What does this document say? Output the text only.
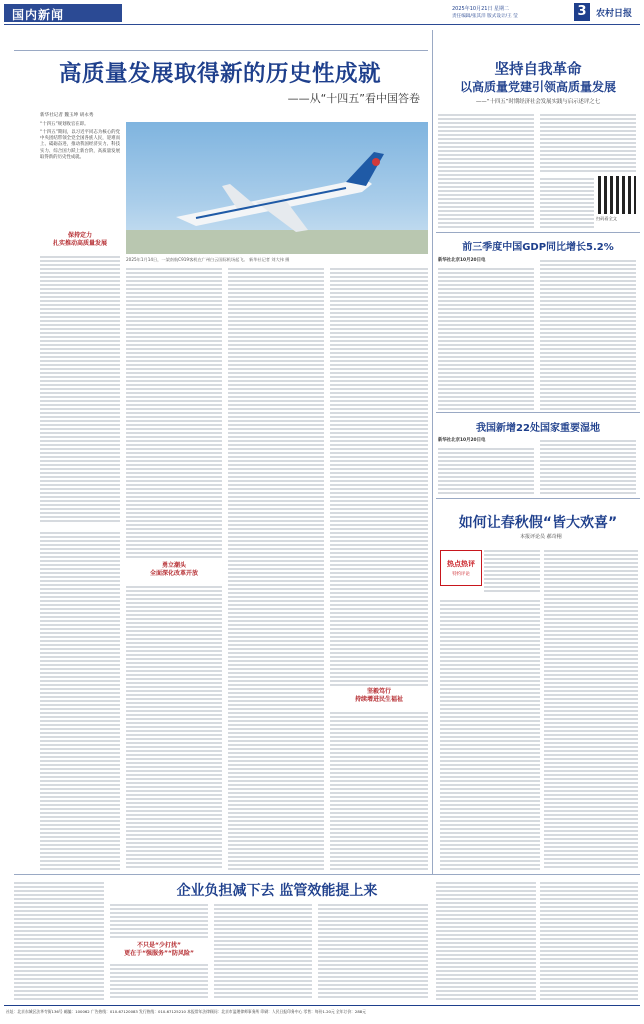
国内新闻	2025年10月21日 星期二
责任编辑/张其洋 版式设计/王 莹	3	农村日报
高质量发展取得新的历史性成就
——从“十四五”看中国答卷
新华社记者 魏玉坤 胡永秀
“十四五”规划收官在即。
“十四五”期间，以习近平同志为核心的党中央团结带领全党全国各族人民，迎难而上、砥砺奋进，推动我国经济实力、科技实力、综合国力跃上新台阶，高质量发展取得新的历史性成就。
保持定力
扎实推动高质量发展
2025年1月14日，一架南航C919客机在广州白云国际机场起飞。 新华社记者 刘大伟 摄
勇立潮头
全面深化改革开放
坚毅笃行
持续增进民生福祉
坚持自我革命
以高质量党建引领高质量发展
——“十四五”时期经济社会发展实践与启示述评之七
扫码看全文
前三季度中国GDP同比增长5.2%
新华社北京10月20日电
我国新增22处国家重要湿地
新华社北京10月20日电
如何让春秋假“皆大欢喜”
本报评论员 郝奇栩
热点热评
特约评论
企业负担减下去 监管效能提上来
不只是“少打扰”
更在于“强服务”“防风险”
社址：北京东城区法华寺街136号 邮编：100062 广告热线：010-67120083 发行热线：010-67125210 本报常年法律顾问：北京市盈理律师事务所 印刷：人民日报印务中心 零售：每份1.20元 全年订价：288元
